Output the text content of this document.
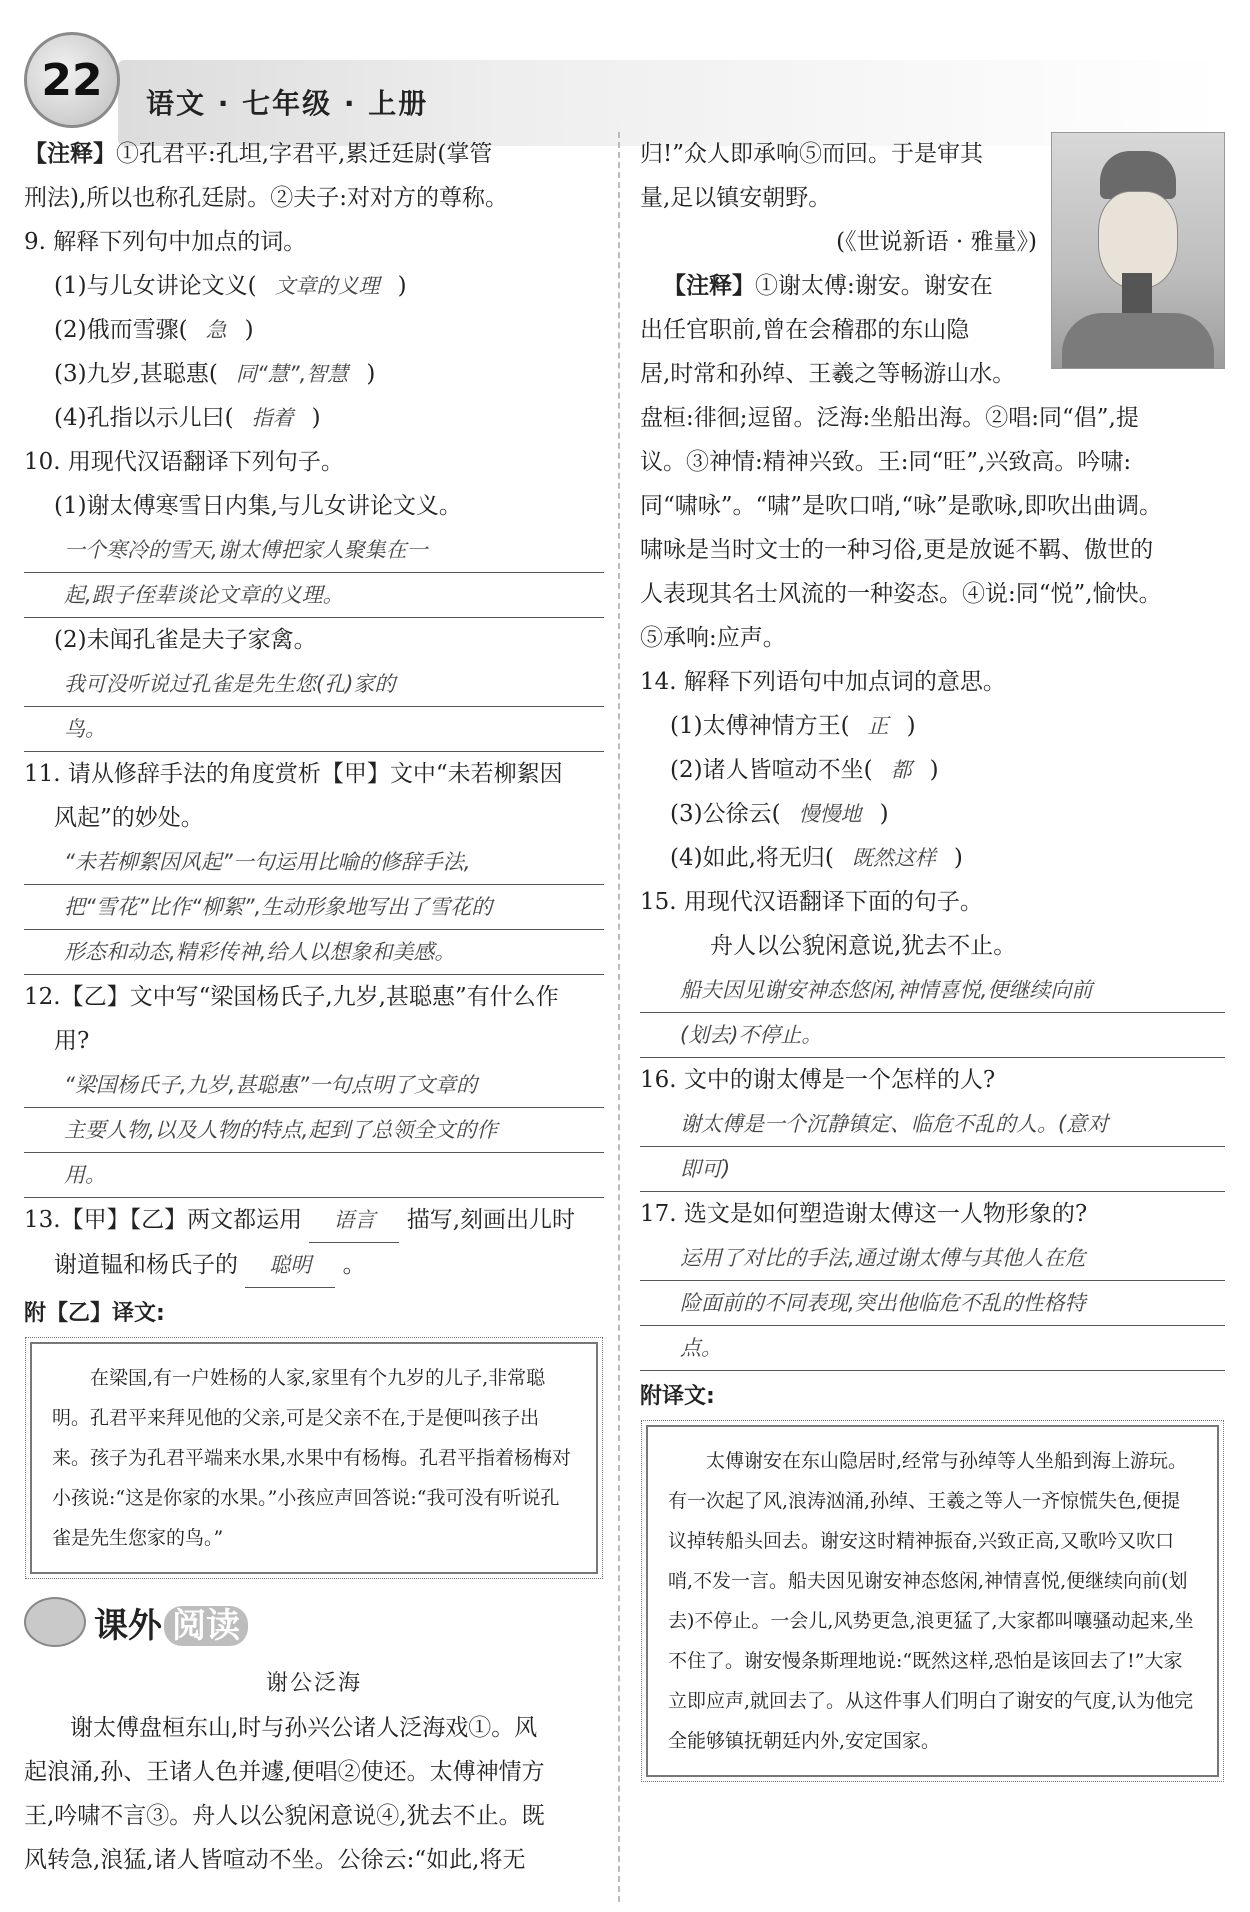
22	语文 · 七年级 · 上册

【注释】①孔君平:孔坦,字君平,累迁廷尉(掌管

刑法),所以也称孔廷尉。②夫子:对对方的尊称。

9. 解释下列句中加点的词。

(1)与儿女讲论文义( 文章的义理 )

(2)俄而雪骤( 急 )

(3)九岁,甚聪惠( 同“慧”,智慧 )

(4)孔指以示儿曰( 指着 )

10. 用现代汉语翻译下列句子。

(1)谢太傅寒雪日内集,与儿女讲论文义。

一个寒冷的雪天,谢太傅把家人聚集在一
起,跟子侄辈谈论文章的义理。

(2)未闻孔雀是夫子家禽。

我可没听说过孔雀是先生您(孔)家的
鸟。

11. 请从修辞手法的角度赏析【甲】文中“未若柳絮因

风起”的妙处。

“未若柳絮因风起”一句运用比喻的修辞手法,
把“雪花”比作“柳絮”,生动形象地写出了雪花的
形态和动态,精彩传神,给人以想象和美感。

12.【乙】文中写“梁国杨氏子,九岁,甚聪惠”有什么作

用?

“梁国杨氏子,九岁,甚聪惠”一句点明了文章的
主要人物,以及人物的特点,起到了总领全文的作
用。

13.【甲】【乙】两文都运用 语言 描写,刻画出儿时

谢道韫和杨氏子的 聪明 。

附【乙】译文:

在梁国,有一户姓杨的人家,家里有个九岁的儿子,非常聪明。孔君平来拜见他的父亲,可是父亲不在,于是便叫孩子出来。孩子为孔君平端来水果,水果中有杨梅。孔君平指着杨梅对小孩说:“这是你家的水果。”小孩应声回答说:“我可没有听说孔雀是先生您家的鸟。”

课外 阅读
谢公泛海

谢太傅盘桓东山,时与孙兴公诸人泛海戏①。风

起浪涌,孙、王诸人色并遽,便唱②使还。太傅神情方

王,吟啸不言③。舟人以公貌闲意说④,犹去不止。既

风转急,浪猛,诸人皆喧动不坐。公徐云:“如此,将无

归!”众人即承响⑤而回。于是审其

量,足以镇安朝野。

(《世说新语 · 雅量》)

【注释】①谢太傅:谢安。谢安在

出任官职前,曾在会稽郡的东山隐

居,时常和孙绰、王羲之等畅游山水。

盘桓:徘徊;逗留。泛海:坐船出海。②唱:同“倡”,提

议。③神情:精神兴致。王:同“旺”,兴致高。吟啸:

同“啸咏”。“啸”是吹口哨,“咏”是歌咏,即吹出曲调。

啸咏是当时文士的一种习俗,更是放诞不羁、傲世的

人表现其名士风流的一种姿态。④说:同“悦”,愉快。

⑤承响:应声。

14. 解释下列语句中加点词的意思。

(1)太傅神情方王( 正 )

(2)诸人皆喧动不坐( 都 )

(3)公徐云( 慢慢地 )

(4)如此,将无归( 既然这样 )

15. 用现代汉语翻译下面的句子。

舟人以公貌闲意说,犹去不止。

船夫因见谢安神态悠闲,神情喜悦,便继续向前
(划去)不停止。

16. 文中的谢太傅是一个怎样的人?

谢太傅是一个沉静镇定、临危不乱的人。(意对
即可)

17. 选文是如何塑造谢太傅这一人物形象的?

运用了对比的手法,通过谢太傅与其他人在危
险面前的不同表现,突出他临危不乱的性格特
点。
附译文:

太傅谢安在东山隐居时,经常与孙绰等人坐船到海上游玩。有一次起了风,浪涛汹涌,孙绰、王羲之等人一齐惊慌失色,便提议掉转船头回去。谢安这时精神振奋,兴致正高,又歌吟又吹口哨,不发一言。船夫因见谢安神态悠闲,神情喜悦,便继续向前(划去)不停止。一会儿,风势更急,浪更猛了,大家都叫嚷骚动起来,坐不住了。谢安慢条斯理地说:“既然这样,恐怕是该回去了!”大家立即应声,就回去了。从这件事人们明白了谢安的气度,认为他完全能够镇抚朝廷内外,安定国家。
